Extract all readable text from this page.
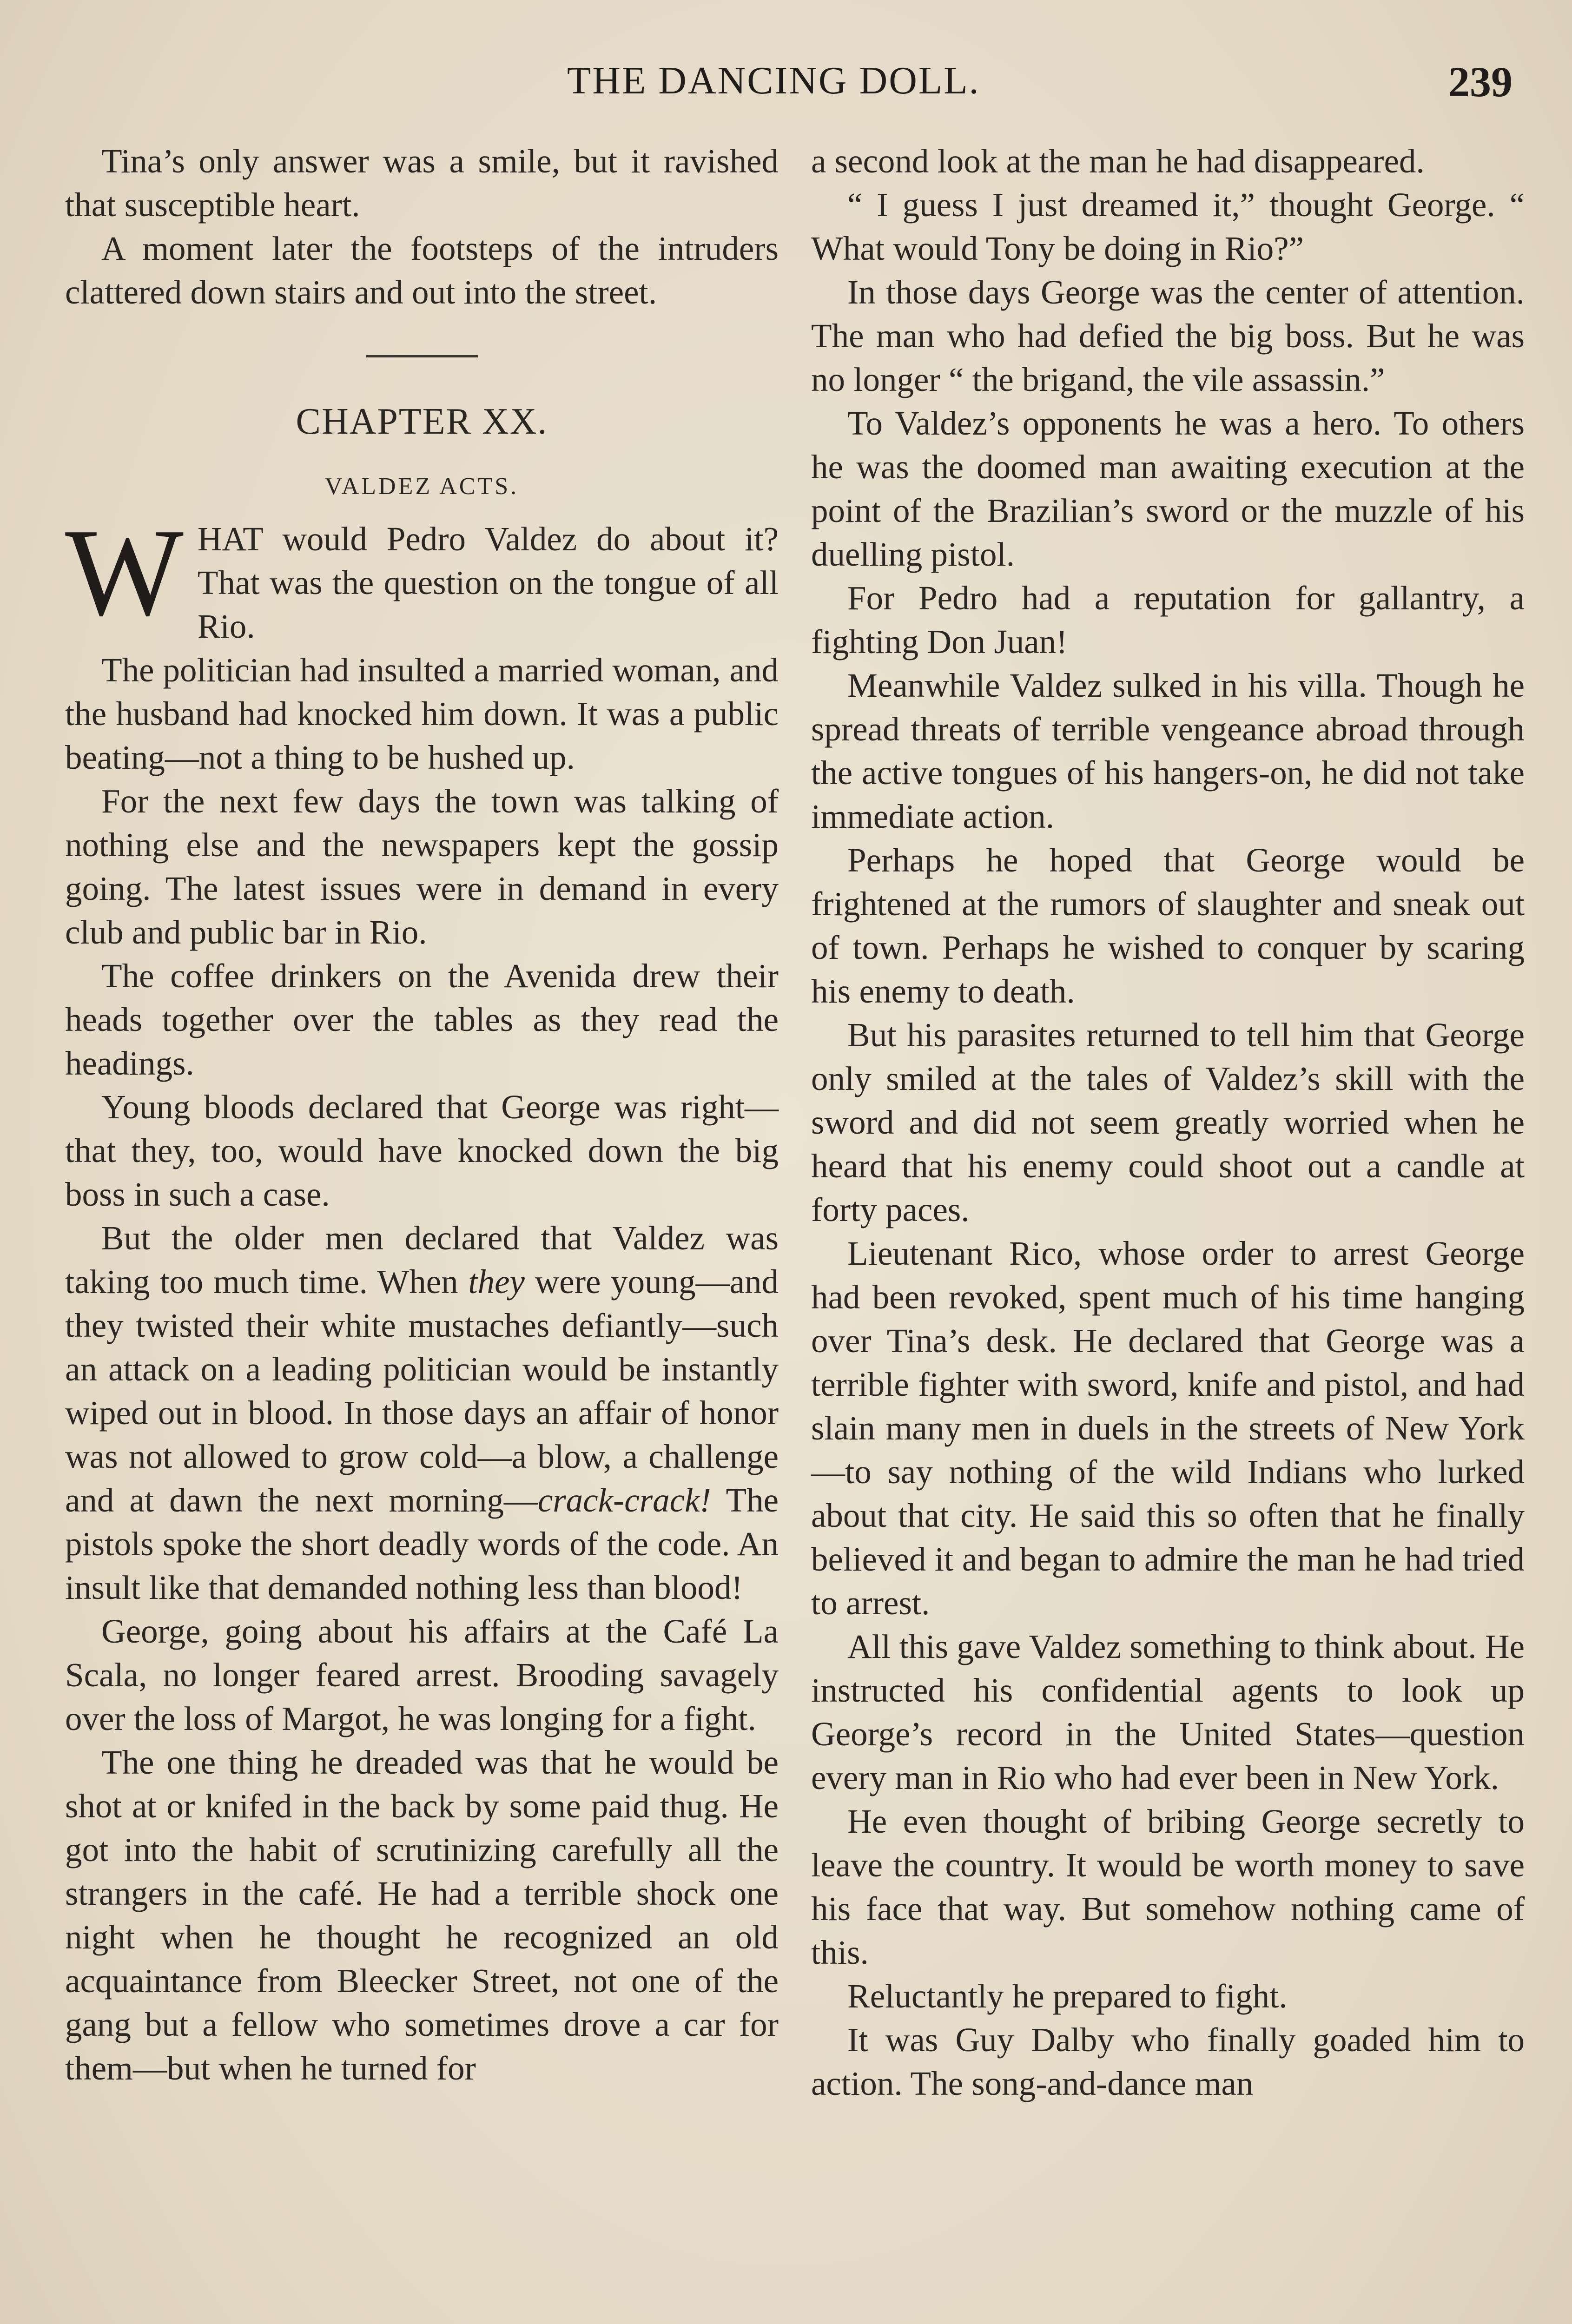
THE DANCING DOLL.	239

Tina’s only answer was a smile, but it ravished that susceptible heart.

A moment later the footsteps of the intruders clattered down stairs and out into the street.

CHAPTER XX.
VALDEZ ACTS.

WHAT would Pedro Valdez do about it? That was the question on the tongue of all Rio.

The politician had insulted a married woman, and the husband had knocked him down. It was a public beating—not a thing to be hushed up.

For the next few days the town was talking of nothing else and the newspapers kept the gossip going. The latest issues were in demand in every club and public bar in Rio.

The coffee drinkers on the Avenida drew their heads together over the tables as they read the headings.

Young bloods declared that George was right—that they, too, would have knocked down the big boss in such a case.

But the older men declared that Valdez was taking too much time. When they were young—and they twisted their white mustaches defiantly—such an attack on a leading politician would be instantly wiped out in blood. In those days an affair of honor was not allowed to grow cold—a blow, a challenge and at dawn the next morning—crack-crack! The pistols spoke the short deadly words of the code. An insult like that demanded nothing less than blood!

George, going about his affairs at the Café La Scala, no longer feared arrest. Brooding savagely over the loss of Margot, he was longing for a fight.

The one thing he dreaded was that he would be shot at or knifed in the back by some paid thug. He got into the habit of scrutinizing carefully all the strangers in the café. He had a terrible shock one night when he thought he recognized an old acquaintance from Bleecker Street, not one of the gang but a fellow who sometimes drove a car for them—but when he turned for

a second look at the man he had disappeared.

“ I guess I just dreamed it,” thought George. “ What would Tony be doing in Rio?”

In those days George was the center of attention. The man who had defied the big boss. But he was no longer “ the brigand, the vile assassin.”

To Valdez’s opponents he was a hero. To others he was the doomed man awaiting execution at the point of the Brazilian’s sword or the muzzle of his duelling pistol.

For Pedro had a reputation for gallantry, a fighting Don Juan!

Meanwhile Valdez sulked in his villa. Though he spread threats of terrible vengeance abroad through the active tongues of his hangers-on, he did not take immediate action.

Perhaps he hoped that George would be frightened at the rumors of slaughter and sneak out of town. Perhaps he wished to conquer by scaring his enemy to death.

But his parasites returned to tell him that George only smiled at the tales of Valdez’s skill with the sword and did not seem greatly worried when he heard that his enemy could shoot out a candle at forty paces.

Lieutenant Rico, whose order to arrest George had been revoked, spent much of his time hanging over Tina’s desk. He declared that George was a terrible fighter with sword, knife and pistol, and had slain many men in duels in the streets of New York—to say nothing of the wild Indians who lurked about that city. He said this so often that he finally believed it and began to admire the man he had tried to arrest.

All this gave Valdez something to think about. He instructed his confidential agents to look up George’s record in the United States—question every man in Rio who had ever been in New York.

He even thought of bribing George secretly to leave the country. It would be worth money to save his face that way. But somehow nothing came of this.

Reluctantly he prepared to fight.

It was Guy Dalby who finally goaded him to action. The song-and-dance man
